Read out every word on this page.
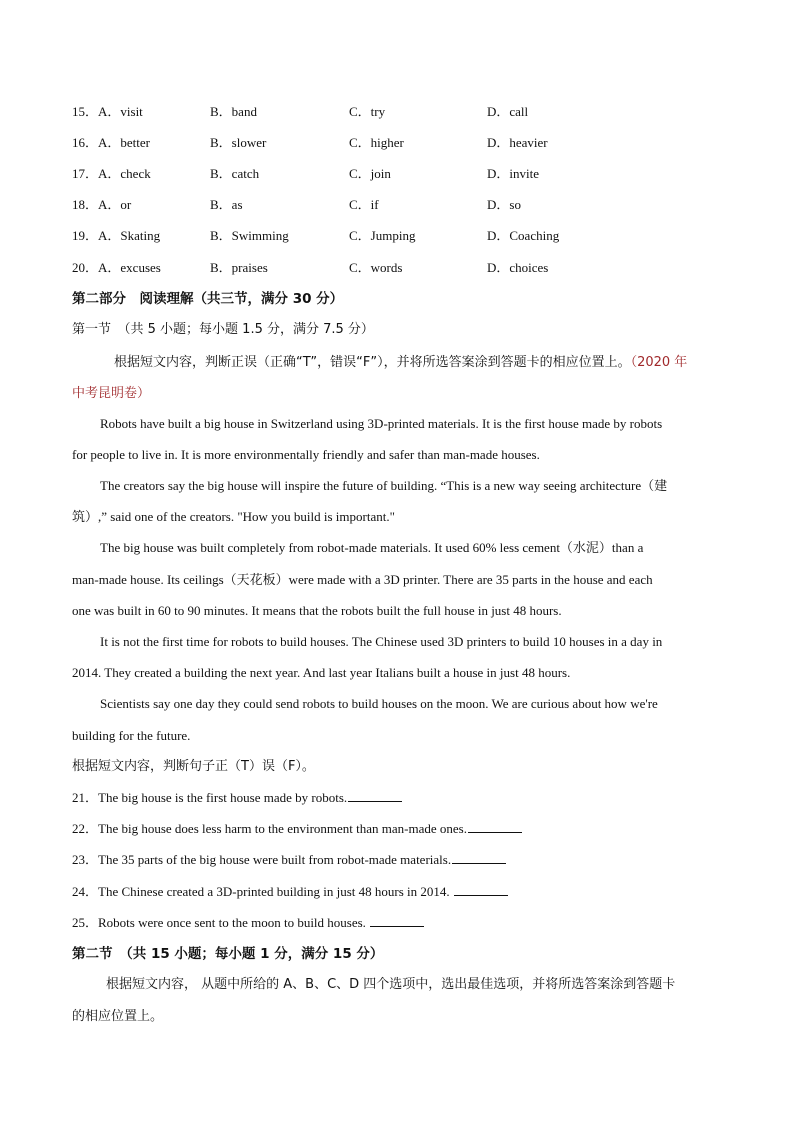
15．A．visit	B．band	C．try	D．call
16．A．better	B．slower	C．higher	D．heavier
17．A．check	B．catch	C．join	D．invite
18．A．or	B．as	C．if	D．so
19．A．Skating	B．Swimming	C．Jumping	D．Coaching
20．A．excuses	B．praises	C．words	D．choices
第二部分　阅读理解（共三节，满分 30 分）
第一节　（共 5 小题；每小题 1.5 分，满分 7.5 分）
根据短文内容，判断正误（正确“T”，错误“F”），并将所选答案涂到答题卡的相应位置上。（2020 年
中考昆明卷）
Robots have built a big house in Switzerland using 3D-printed materials. It is the first house made by robots
for people to live in. It is more environmentally friendly and safer than man-made houses.
The creators say the big house will inspire the future of building. “This is a new way seeing architecture（建
筑）,” said one of the creators. "How you build is important."
The big house was built completely from robot-made materials. It used 60% less cement（水泥）than a
man-made house. Its ceilings（天花板）were made with a 3D printer. There are 35 parts in the house and each
one was built in 60 to 90 minutes. It means that the robots built the full house in just 48 hours.
It is not the first time for robots to build houses. The Chinese used 3D printers to build 10 houses in a day in
2014. They created a building the next year. And last year Italians built a house in just 48 hours.
Scientists say one day they could send robots to build houses on the moon. We are curious about how we're
building for the future.
根据短文内容，判断句子正（T）误（F）。
21．The big house is the first house made by robots.
22．The big house does less harm to the environment than man-made ones.
23．The 35 parts of the big house were built from robot-made materials.
24．The Chinese created a 3D-printed building in just 48 hours in 2014.
25．Robots were once sent to the moon to build houses.
第二节　（共 15 小题；每小题 1 分，满分 15 分）
根据短文内容， 从题中所给的 A、B、C、D 四个选项中，选出最佳选项，并将所选答案涂到答题卡
的相应位置上。
